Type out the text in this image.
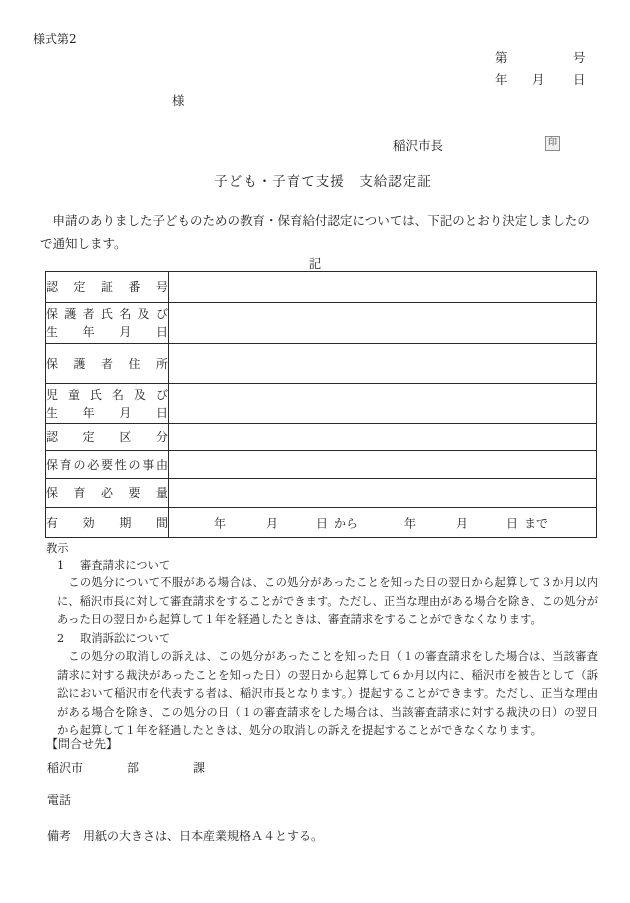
様式第2
第	号
年 月 日
様
稲沢市長	印
子ども・子育て支援　支給認定証

申請のありました子どものための教育・保育給付認定については、下記のとおり決定しましたので通知します。

記
認定証番号	

保護者氏名及び
生年月日	

保護者住所	

児童氏名及び
生年月日	

認定区分	

保育の必要性の事由	

保育必要量	

有効期間	年	月	日 から	年	月	日 まで
教示
1 審査請求について

この処分について不服がある場合は、この処分があったことを知った日の翌日から起算して３か月以内に、稲沢市長に対して審査請求をすることができます。ただし、正当な理由がある場合を除き、この処分があった日の翌日から起算して１年を経過したときは、審査請求をすることができなくなります。

2 取消訴訟について

この処分の取消しの訴えは、この処分があったことを知った日（１の審査請求をした場合は、当該審査請求に対する裁決があったことを知った日）の翌日から起算して６か月以内に、稲沢市を被告として（訴訟において稲沢市を代表する者は、稲沢市長となります。）提起することができます。ただし、正当な理由がある場合を除き、この処分の日（１の審査請求をした場合は、当該審査請求に対する裁決の日）の翌日から起算して１年を経過したときは、処分の取消しの訴えを提起することができなくなります。

【問合せ先】
稲沢市	部	課
電話
備考 用紙の大きさは、日本産業規格Ａ４とする。
